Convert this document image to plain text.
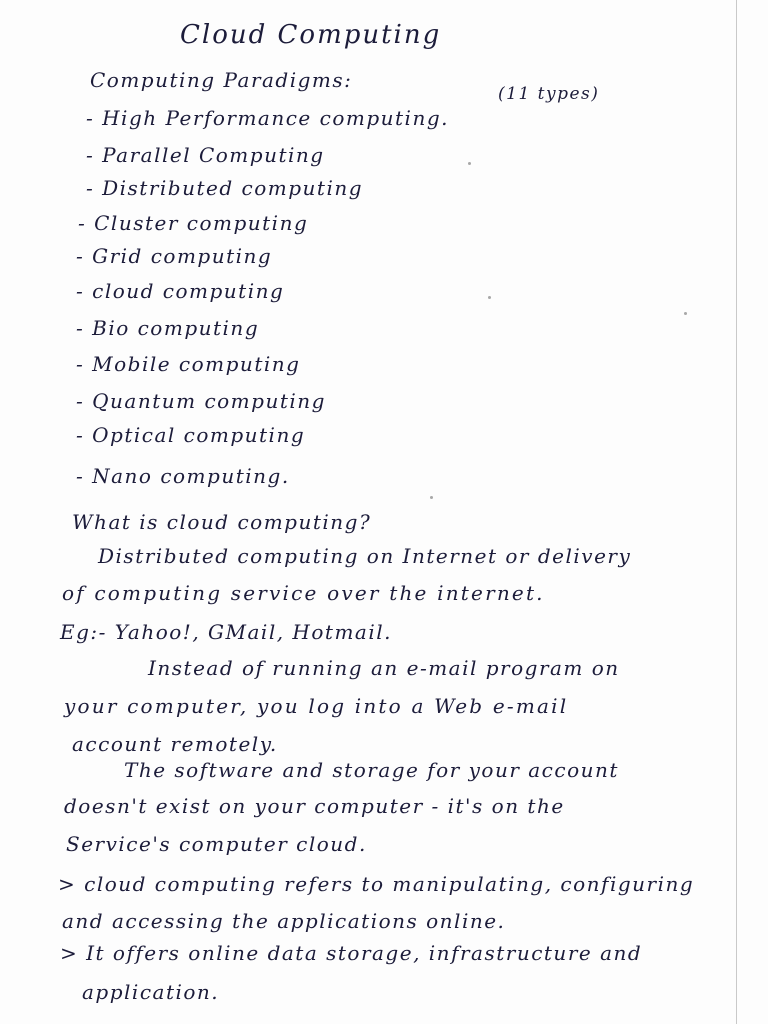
Cloud Computing
Computing Paradigms:
(11 types)
- High Performance computing.
- Parallel Computing
- Distributed computing
- Cluster computing
- Grid computing
- cloud computing
- Bio computing
- Mobile computing
- Quantum computing
- Optical computing
- Nano computing.
What is cloud computing?
Distributed computing on Internet or delivery
of computing service over the internet.
Eg:- Yahoo!, GMail, Hotmail.
Instead of running an e-mail program on
your computer, you log into a Web e-mail
account remotely.
The software and storage for your account
doesn't exist on your computer - it's on the
Service's computer cloud.
> cloud computing refers to manipulating, configuring
and accessing the applications online.
> It offers online data storage, infrastructure and
application.
